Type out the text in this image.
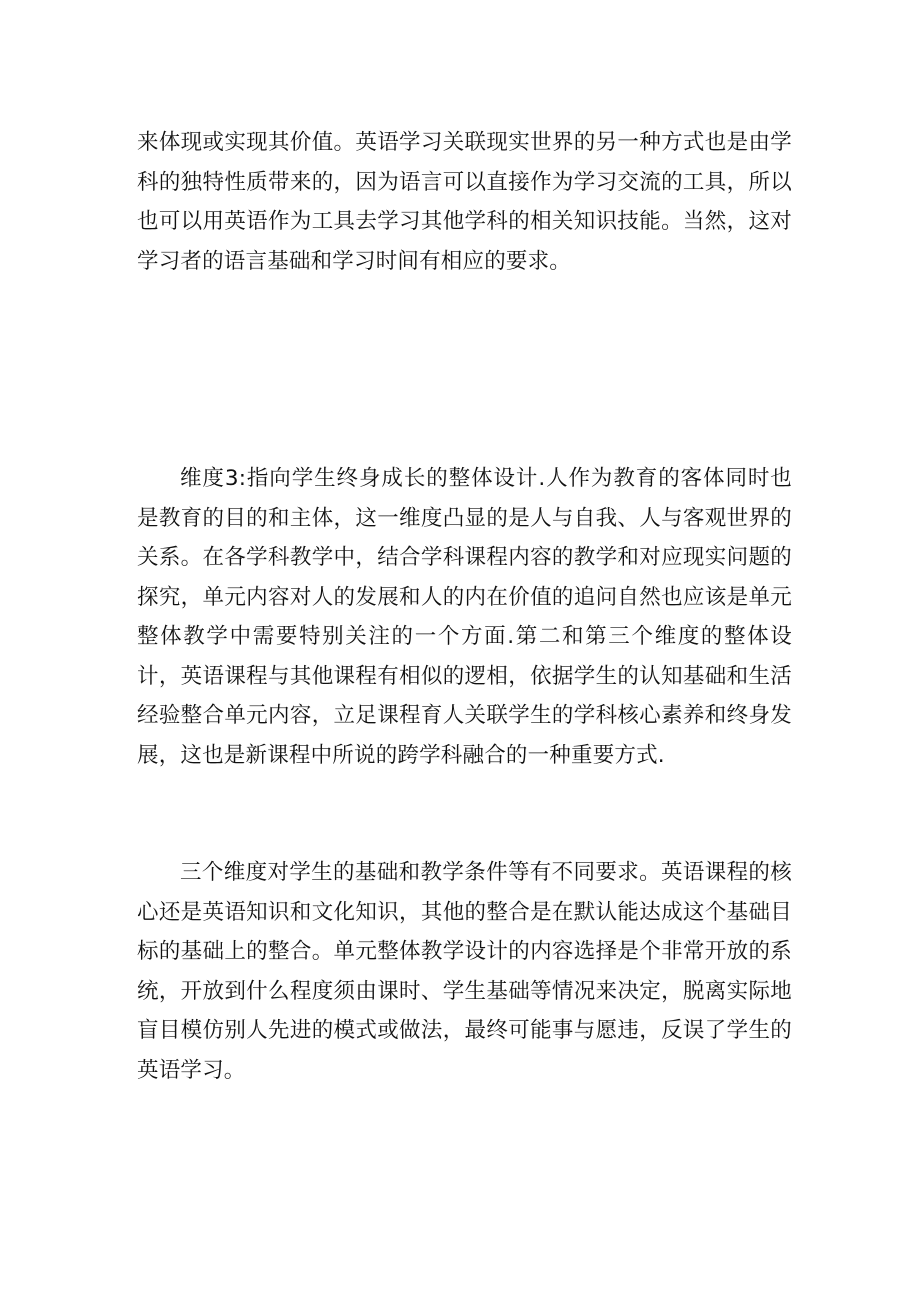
来体现或实现其价值。英语学习关联现实世界的另一种方式也是由学科的独特性质带来的，因为语言可以直接作为学习交流的工具，所以也可以用英语作为工具去学习其他学科的相关知识技能。当然，这对学习者的语言基础和学习时间有相应的要求。

维度3:指向学生终身成长的整体设计.人作为教育的客体同时也是教育的目的和主体，这一维度凸显的是人与自我、人与客观世界的关系。在各学科教学中，结合学科课程内容的教学和对应现实问题的探究，单元内容对人的发展和人的内在价值的追问自然也应该是单元整体教学中需要特别关注的一个方面.第二和第三个维度的整体设计，英语课程与其他课程有相似的逻相，依据学生的认知基础和生活经验整合单元内容，立足课程育人关联学生的学科核心素养和终身发展，这也是新课程中所说的跨学科融合的一种重要方式.

三个维度对学生的基础和教学条件等有不同要求。英语课程的核心还是英语知识和文化知识，其他的整合是在默认能达成这个基础目标的基础上的整合。单元整体教学设计的内容选择是个非常开放的系统，开放到什么程度须由课时、学生基础等情况来决定，脱离实际地盲目模仿别人先进的模式或做法，最终可能事与愿违，反误了学生的英语学习。
